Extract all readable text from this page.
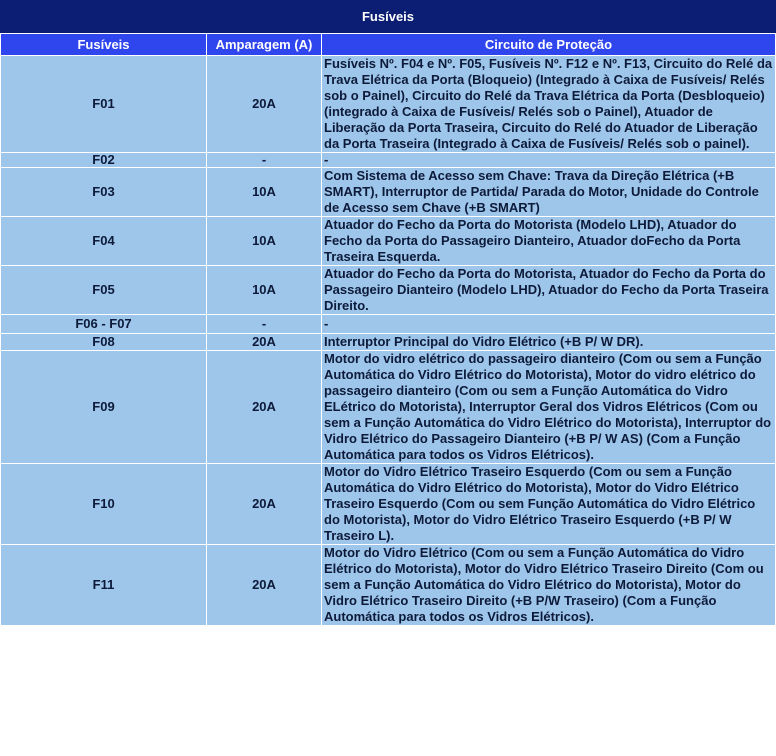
Fusíveis
Fusíveis	Amparagem (A)	Circuito de Proteção
F01	20A	Fusíveis Nº. F04 e Nº. F05, Fusíveis Nº. F12 e Nº. F13, Circuito do Relé da Trava Elétrica da Porta (Bloqueio) (Integrado à Caixa de Fusíveis/ Relés sob o Painel), Circuito do Relé da Trava Elétrica da Porta (Desbloqueio) (integrado à Caixa de Fusíveis/ Relés sob o Painel), Atuador de Liberação da Porta Traseira, Circuito do Relé do Atuador de Liberação da Porta Traseira (Integrado à Caixa de Fusíveis/ Relés sob o painel).
F02	-	-
F03	10A	Com Sistema de Acesso sem Chave: Trava da Direção Elétrica (+B SMART), Interruptor de Partida/ Parada do Motor, Unidade do Controle de Acesso sem Chave (+B SMART)
F04	10A	Atuador do Fecho da Porta do Motorista (Modelo LHD), Atuador do Fecho da Porta do Passageiro Dianteiro, Atuador doFecho da Porta Traseira Esquerda.
F05	10A	Atuador do Fecho da Porta do Motorista, Atuador do Fecho da Porta do Passageiro Dianteiro (Modelo LHD), Atuador do Fecho da Porta Traseira Direito.
F06 - F07	-	-
F08	20A	Interruptor Principal do Vidro Elétrico (+B P/ W DR).
F09	20A	Motor do vidro elétrico do passageiro dianteiro (Com ou sem a Função Automática do Vidro Elétrico do Motorista), Motor do vidro elétrico do passageiro dianteiro (Com ou sem a Função Automática do Vidro ELétrico do Motorista), Interruptor Geral dos Vidros Elétricos (Com ou sem a Função Automática do Vidro Elétrico do Motorista), Interruptor do Vidro Elétrico do Passageiro Dianteiro (+B P/ W AS) (Com a Função Automática para todos os Vidros Elétricos).
F10	20A	Motor do Vidro Elétrico Traseiro Esquerdo (Com ou sem a Função Automática do Vidro Elétrico do Motorista), Motor do Vidro Elétrico Traseiro Esquerdo (Com ou sem Função Automática do Vidro Elétrico do Motorista), Motor do Vidro Elétrico Traseiro Esquerdo (+B P/ W Traseiro L).
F11	20A	Motor do Vidro Elétrico (Com ou sem a Função Automática do Vidro Elétrico do Motorista), Motor do Vidro Elétrico Traseiro Direito (Com ou sem a Função Automática do Vidro Elétrico do Motorista), Motor do Vidro Elétrico Traseiro Direito (+B P/W Traseiro) (Com a Função Automática para todos os Vidros Elétricos).
